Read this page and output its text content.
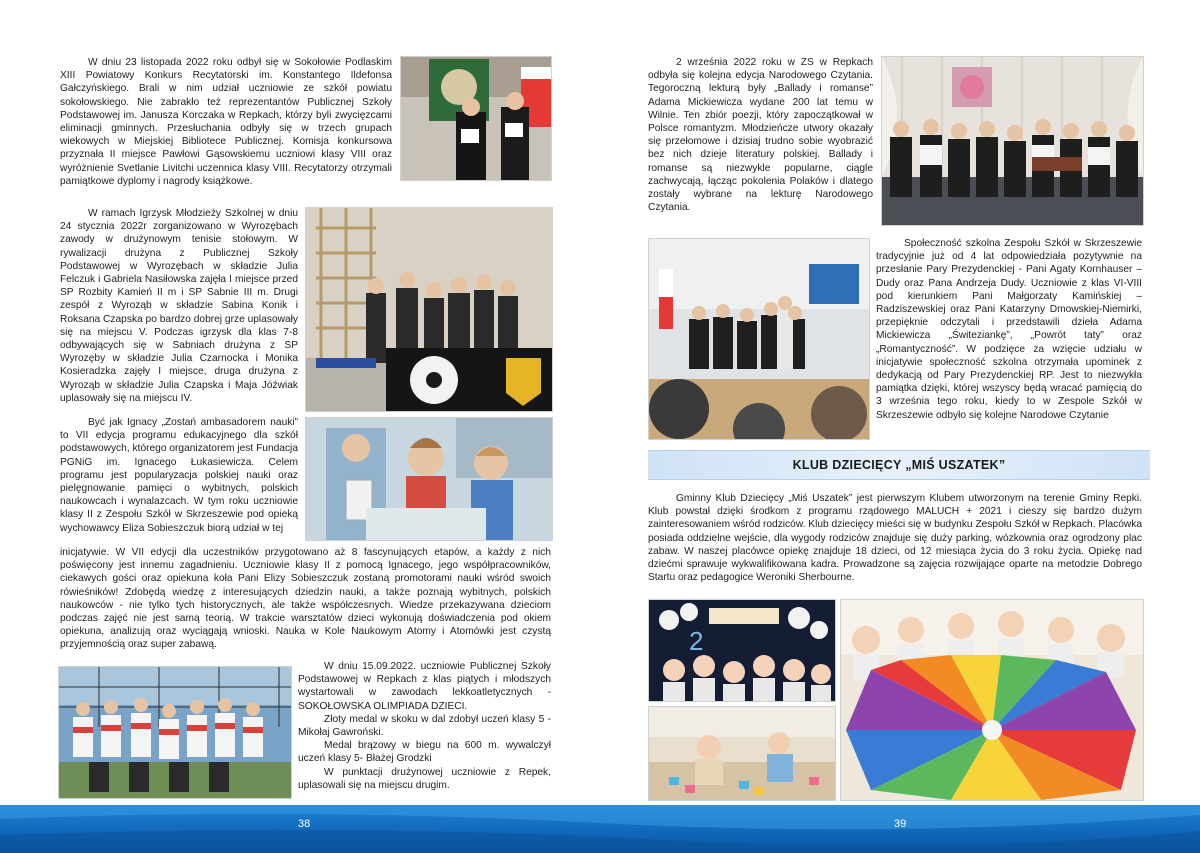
W dniu 23 listopada 2022 roku odbył się w Sokołowie Podlaskim XIII Powiatowy Konkurs Recytatorski im. Konstantego Ildefonsa Gałczyńskiego. Brali w nim udział uczniowie ze szkół powiatu sokołowskiego. Nie zabrakło też reprezentantów Publicznej Szkoły Podstawowej im. Janusza Korczaka w Repkach, którzy byli zwycięzcami eliminacji gminnych. Przesłuchania odbyły się w trzech grupach wiekowych w Miejskiej Bibliotece Publicznej. Komisja konkursowa przyznała II miejsce Pawłowi Gąsowskiemu uczniowi klasy VIII oraz wyróżnienie Svetlanie Livitchi uczennica klasy VIII. Recytatorzy otrzymali pamiątkowe dyplomy i nagrody książkowe.

W ramach Igrzysk Młodzieży Szkolnej w dniu 24 stycznia 2022r zorganizowano w Wyrozębach zawody w drużynowym tenisie stołowym. W rywalizacji drużyna z Publicznej Szkoły Podstawowej w Wyrozębach w składzie Julia Felczuk i Gabriela Nasiłowska zajęła I miejsce przed SP Rozbity Kamień II m i SP Sabnie III m. Drugi zespół z Wyroząb w składzie Sabina Konik i Roksana Czapska po bardzo dobrej grze uplasowały się na miejscu V. Podczas igrzysk dla klas 7-8 odbywających się w Sabniach drużyna z SP Wyrozęby w składzie Julia Czarnocka i Monika Kosieradzka zajęły I miejsce, druga drużyna z Wyroząb w składzie Julia Czapska i Maja Jóźwiak uplasowały się na miejscu IV.

Być jak Ignacy „Zostań ambasadorem nauki” to VII edycja programu edukacyjnego dla szkół podstawowych, którego organizatorem jest Fundacja PGNiG im. Ignacego Łukasiewicza. Celem programu jest popularyzacja polskiej nauki oraz pielęgnowanie pamięci o wybitnych, polskich naukowcach i wynalazcach. W tym roku uczniowie klasy II z Zespołu Szkół w Skrzeszewie pod opieką wychowawcy Eliza Sobieszczuk biorą udział w tej

inicjatywie. W VII edycji dla uczestników przygotowano aż 8 fascynujących etapów, a każdy z nich poświęcony jest innemu zagadnieniu. Uczniowie klasy II z pomocą Ignacego, jego współpracowników, ciekawych gości oraz opiekuna koła Pani Elizy Sobieszczuk zostaną promotorami nauki wśród swoich rówieśników! Zdobędą wiedzę z interesujących dziedzin nauki, a także poznają wybitnych, polskich naukowców - nie tylko tych historycznych, ale także współczesnych. Wiedze przekazywana dzieciom podczas zajęć nie jest samą teorią. W trakcie warsztatów dzieci wykonują doświadczenia pod okiem opiekuna, analizują oraz wyciągają wnioski. Nauka w Kole Naukowym Atomy i Atomówki jest czystą przyjemnością oraz super zabawą.

W dniu 15.09.2022. uczniowie Publicznej Szkoły Podstawowej w Repkach z klas piątych i młodszych wystartowali w zawodach lekkoatletycznych -SOKOŁOWSKA OLIMPIADA DZIECI.
Złoty medal w skoku w dal zdobył uczeń klasy 5 - Mikołaj Gawroński.
Medal brązowy w biegu na 600 m. wywalczył uczeń klasy 5- Błażej Grodzki
W punktacji drużynowej uczniowie z Repek, uplasowali się na miejscu drugim.

2 września 2022 roku w ZS w Repkach odbyła się kolejna edycja Narodowego Czytania. Tegoroczną lekturą były „Ballady i romanse” Adama Mickiewicza wydane 200 lat temu w Wilnie. Ten zbiór poezji, który zapoczątkował w Polsce romantyzm. Młodzieńcze utwory okazały się przełomowe i dzisiaj trudno sobie wyobrazić bez nich dzieje literatury polskiej. Ballady i romanse są niezwykle popularne, ciągle zachwycają, łącząc pokolenia Polaków i dlatego zostały wybrane na lekturę Narodowego Czytania.

Społeczność szkolna Zespołu Szkół w Skrzeszewie tradycyjnie już od 4 lat odpowiedziała pozytywnie na przesłanie Pary Prezydenckiej - Pani Agaty Kornhauser – Dudy oraz Pana Andrzeja Dudy. Uczniowie z klas VI-VIII pod kierunkiem Pani Małgorzaty Kamińskiej – Radziszewskiej oraz Pani Katarzyny Dmowskiej-Niemirki, przepięknie odczytali i przedstawili dzieła Adama Mickiewicza „Świteziankę”, „Powrót taty” oraz „Romantyczność”. W podzięce za wzięcie udziału w inicjatywie społeczność szkolna otrzymała upominek z dedykacją od Pary Prezydenckiej RP. Jest to niezwykła pamiątka dzięki, której wszyscy będą wracać pamięcią do 3 września tego roku, kiedy to w Zespole Szkół w Skrzeszewie odbyło się kolejne Narodowe Czytanie

KLUB DZIECIĘCY „MIŚ USZATEK”

Gminny Klub Dziecięcy „Miś Uszatek” jest pierwszym Klubem utworzonym na terenie Gminy Repki. Klub powstał dzięki środkom z programu rządowego MALUCH + 2021 i cieszy się bardzo dużym zainteresowaniem wśród rodziców. Klub dziecięcy mieści się w budynku Zespołu Szkół w Repkach. Placówka posiada oddzielne wejście, dla wygody rodziców znajduje się duży parking, wózkownia oraz ogrodzony plac zabaw. W naszej placówce opiekę znajduje 18 dzieci, od 12 miesiąca życia do 3 roku życia. Opiekę nad dziećmi sprawuje wykwalifikowana kadra. Prowadzone są zajęcia rozwijające oparte na metodzie Dobrego Startu oraz pedagogice Weroniki Sherbourne.

2
38	39
